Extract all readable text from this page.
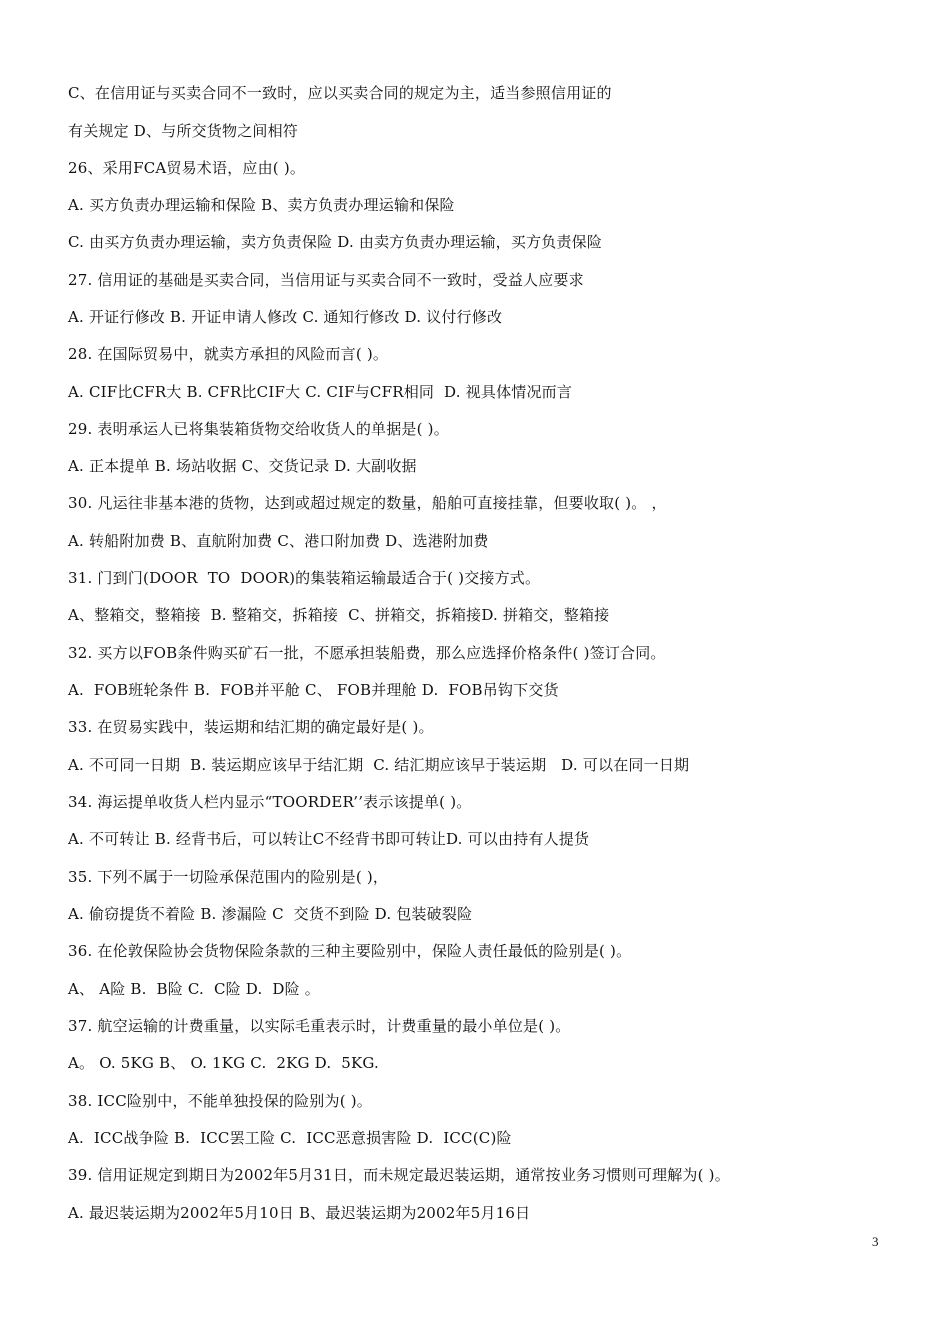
C、在信用证与买卖合同不一致时，应以买卖合同的规定为主，适当参照信用证的
有关规定 D、与所交货物之间相符
26、采用FCA贸易术语，应由( )。
A. 买方负责办理运输和保险 B、卖方负责办理运输和保险
C. 由买方负责办理运输，卖方负责保险 D. 由卖方负责办理运输，买方负责保险
27. 信用证的基础是买卖合同，当信用证与买卖合同不一致时，受益人应要求
A. 开证行修改 B. 开证申请人修改 C. 通知行修改 D. 议付行修改
28. 在国际贸易中，就卖方承担的风险而言( )。
A. CIF比CFR大 B. CFR比CIF大 C. CIF与CFR相同  D. 视具体情况而言
29. 表明承运人已将集装箱货物交给收货人的单据是( )。
A. 正本提单 B. 场站收据 C、交货记录 D. 大副收据
30. 凡运往非基本港的货物，达到或超过规定的数量，船舶可直接挂靠，但要收取( )。 ，
A. 转船附加费 B、直航附加费 C、港口附加费 D、选港附加费
31. 门到门(DOOR  TO  DOOR)的集装箱运输最适合于( )交接方式。
A、整箱交，整箱接  B. 整箱交，拆箱接  C、拼箱交，拆箱接D. 拼箱交，整箱接
32. 买方以FOB条件购买矿石一批，不愿承担装船费，那么应选择价格条件( )签订合同。
A.  FOB班轮条件 B.  FOB并平舱 C、 FOB并理舱 D.  FOB吊钩下交货
33. 在贸易实践中，装运期和结汇期的确定最好是( )。
A. 不可同一日期  B. 装运期应该早于结汇期  C. 结汇期应该早于装运期   D. 可以在同一日期
34. 海运提单收货人栏内显示“TOORDER’’表示该提单( )。
A. 不可转让 B. 经背书后，可以转让C不经背书即可转让D. 可以由持有人提货
35. 下列不属于一切险承保范围内的险别是( )，
A. 偷窃提货不着险 B. 渗漏险 C  交货不到险 D. 包装破裂险
36. 在伦敦保险协会货物保险条款的三种主要险别中，保险人责任最低的险别是( )。
A、 A险 B.  B险 C.  C险 D.  D险 。
37. 航空运输的计费重量，以实际毛重表示时，计费重量的最小单位是( )。
A。 O. 5KG B、 O. 1KG C.  2KG D.  5KG.
38. ICC险别中，不能单独投保的险别为( )。
A.  ICC战争险 B.  ICC罢工险 C.  ICC恶意损害险 D.  ICC(C)险
39. 信用证规定到期日为2002年5月31日，而未规定最迟装运期，通常按业务习惯则可理解为( )。
A. 最迟装运期为2002年5月10日 B、最迟装运期为2002年5月16日
3
